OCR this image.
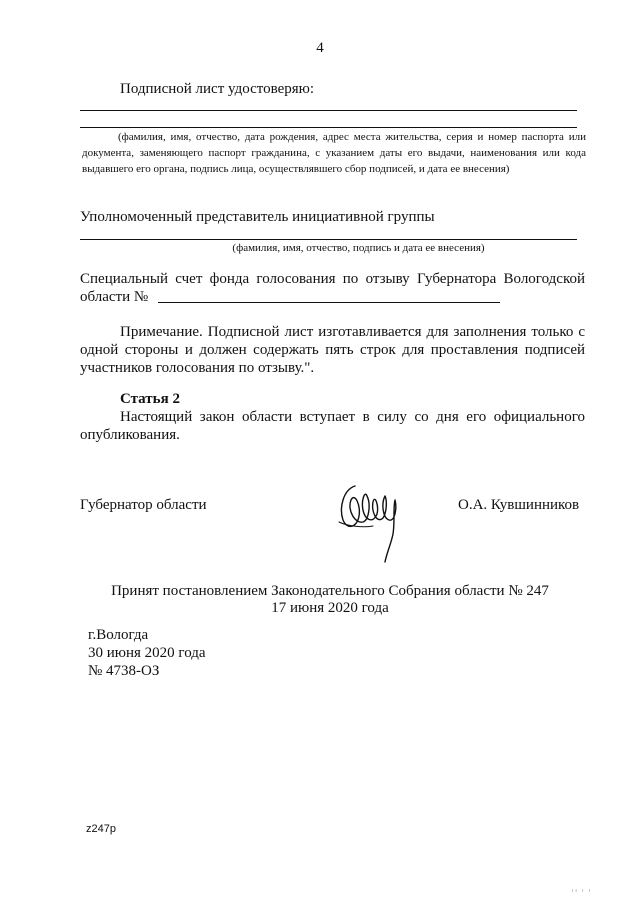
4
Подписной лист удостоверяю:
(фамилия, имя, отчество, дата рождения, адрес места жительства, серия и номер паспорта или документа, заменяющего паспорт гражданина, с указанием даты его выдачи, наименования или кода выдавшего его органа, подпись лица, осуществлявшего сбор подписей, и дата ее внесения)
Уполномоченный представитель инициативной группы
(фамилия, имя, отчество, подпись и дата ее внесения)
Специальный счет фонда голосования по отзыву Губернатора Вологодской
области №
Примечание. Подписной лист изготавливается для заполнения только с одной стороны и должен содержать пять строк для проставления подписей участников голосования по отзыву.".
Статья 2
Настоящий закон области вступает в силу со дня его официального опубликования.
Губернатор области	О.А. Кувшинников
Принят постановлением Законодательного Собрания области № 247
17 июня 2020 года
г.Вологда
30 июня 2020 года
№ 4738-ОЗ
z247p
ıı ı ı
